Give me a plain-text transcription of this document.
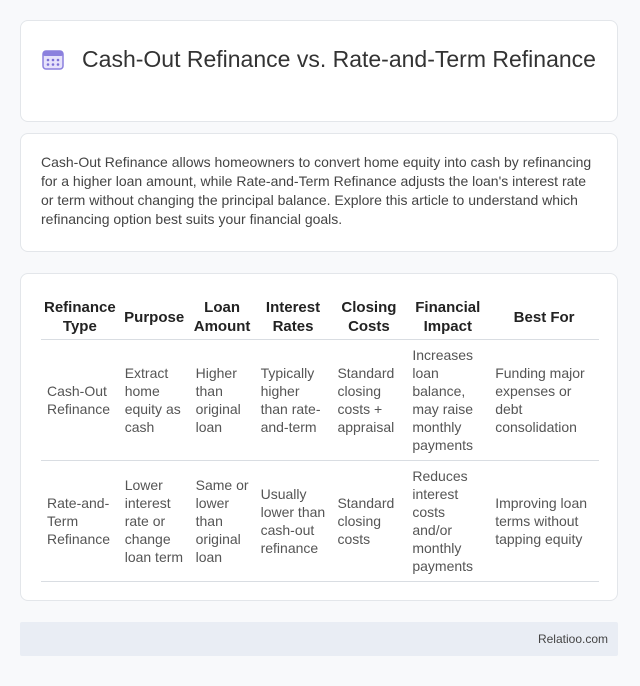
Cash-Out Refinance vs. Rate-and-Term Refinance

Cash-Out Refinance allows homeowners to convert home equity into cash by refinancing for a higher loan amount, while Rate-and-Term Refinance adjusts the loan's interest rate or term without changing the principal balance. Explore this article to understand which refinancing option best suits your financial goals.

Refinance Type	Purpose	Loan Amount	Interest Rates	Closing Costs	Financial Impact	Best For
Cash-Out Refinance	Extract home equity as cash	Higher than original loan	Typically higher than rate-and-term	Standard closing costs + appraisal	Increases loan balance, may raise monthly payments	Funding major expenses or debt consolidation
Rate-and-Term Refinance	Lower interest rate or change loan term	Same or lower than original loan	Usually lower than cash-out refinance	Standard closing costs	Reduces interest costs and/or monthly payments	Improving loan terms without tapping equity
Relatioo.com
